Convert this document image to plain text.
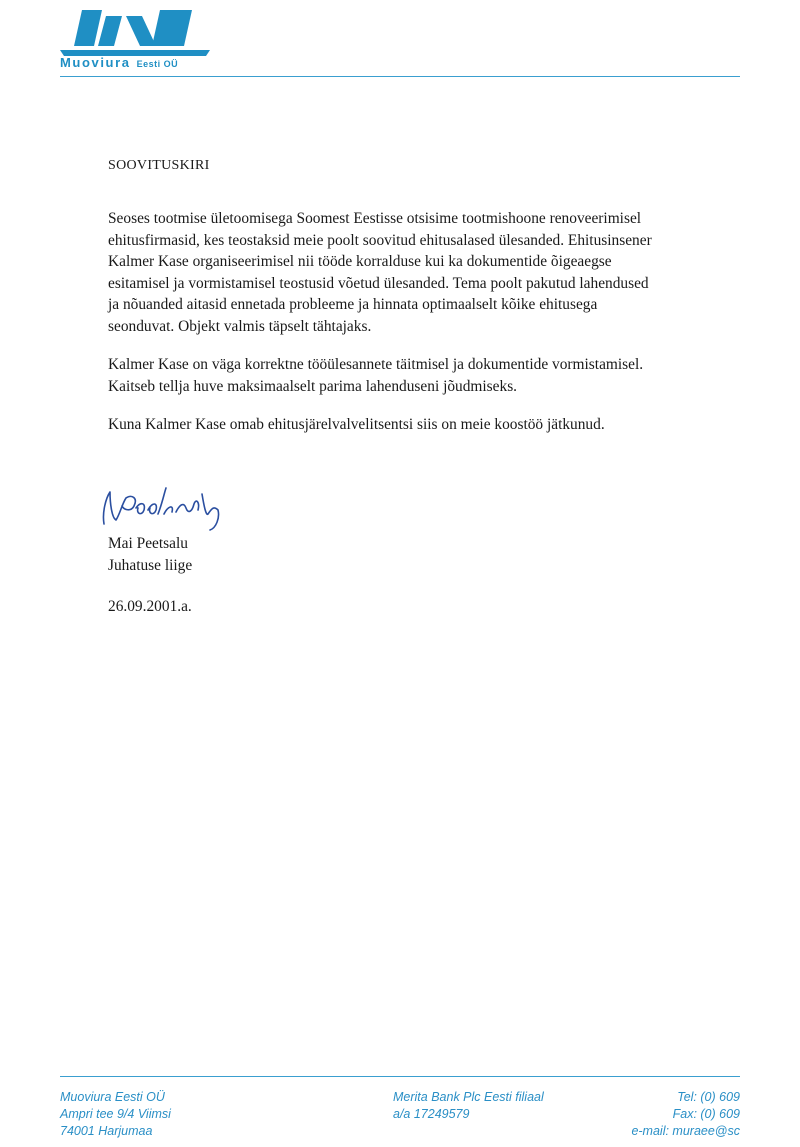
Muoviura Eesti OÜ
SOOVITUSKIRI

Seoses tootmise ületoomisega Soomest Eestisse otsisime tootmishoone renoveerimisel
ehitusfirmasid, kes teostaksid meie poolt soovitud ehitusalased ülesanded. Ehitusinsener
Kalmer Kase organiseerimisel nii tööde korralduse kui ka dokumentide õigeaegse
esitamisel ja vormistamisel teostusid võetud ülesanded. Tema poolt pakutud lahendused
ja nõuanded aitasid ennetada probleeme ja hinnata optimaalselt kõike ehitusega
seonduvat. Objekt valmis täpselt tähtajaks.

Kalmer Kase on väga korrektne tööülesannete täitmisel ja dokumentide vormistamisel.
Kaitseb tellja huve maksimaalselt parima lahenduseni jõudmiseks.

Kuna Kalmer Kase omab ehitusjärelvalvelitsentsi siis on meie koostöö jätkunud.

Mai Peetsalu
Juhatuse liige
26.09.2001.a.
Muoviura Eesti OÜ
Ampri tee 9/4 Viimsi
74001 Harjumaa
Merita Bank Plc Eesti filiaal
a/a 17249579
Tel: (0) 609
Fax: (0) 609
e-mail: muraee@sc
